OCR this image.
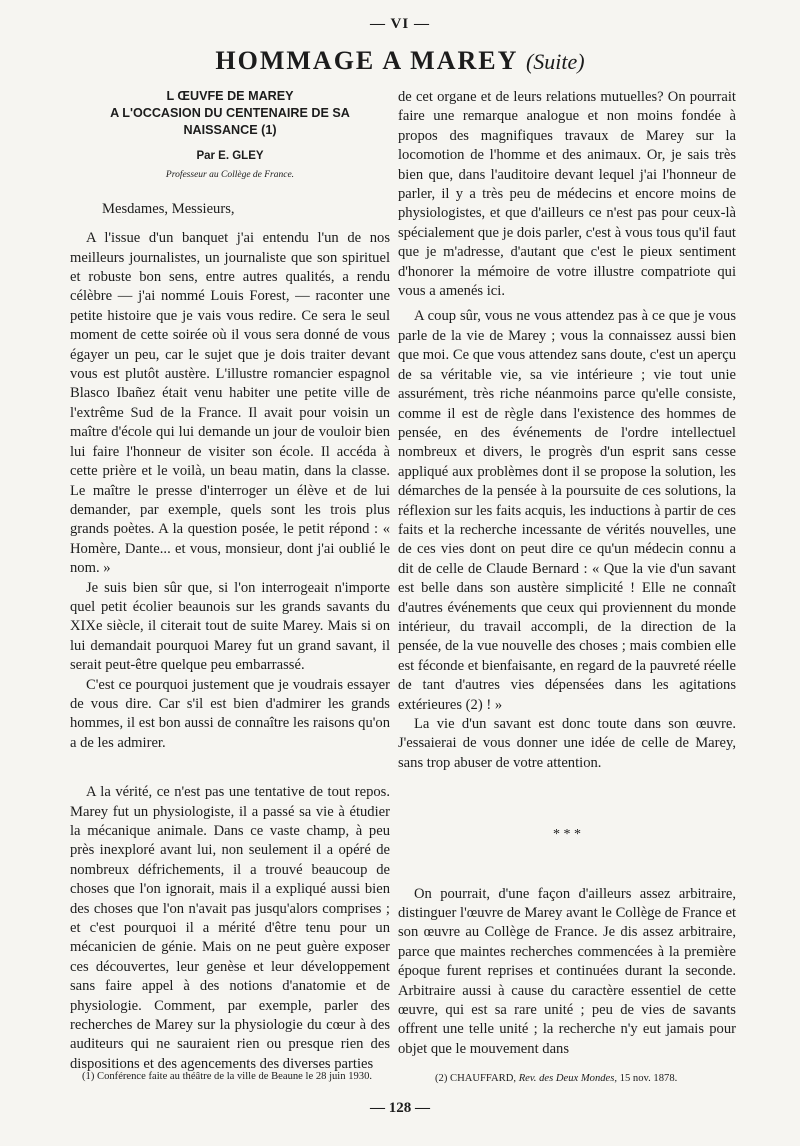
— VI —
HOMMAGE A MAREY (Suite)
L ŒUVFE DE MAREY
A L'OCCASION DU CENTENAIRE DE SA
NAISSANCE (1)
Par E. GLEY
Professeur au Collège de France.
Mesdames, Messieurs,

A l'issue d'un banquet j'ai entendu l'un de nos meilleurs journalistes, un journaliste que son spirituel et robuste bon sens, entre autres qualités, a rendu célèbre — j'ai nommé Louis Forest, — raconter une petite histoire que je vais vous redire. Ce sera le seul moment de cette soirée où il vous sera donné de vous égayer un peu, car le sujet que je dois traiter devant vous est plutôt austère. L'illustre romancier espagnol Blasco Ibañez était venu habiter une petite ville de l'extrême Sud de la France. Il avait pour voisin un maître d'école qui lui demande un jour de vouloir bien lui faire l'honneur de visiter son école. Il accéda à cette prière et le voilà, un beau matin, dans la classe. Le maître le presse d'interroger un élève et de lui demander, par exemple, quels sont les trois plus grands poètes. A la question posée, le petit répond : « Homère, Dante... et vous, monsieur, dont j'ai oublié le nom. »

Je suis bien sûr que, si l'on interrogeait n'importe quel petit écolier beaunois sur les grands savants du XIXe siècle, il citerait tout de suite Marey. Mais si on lui demandait pourquoi Marey fut un grand savant, il serait peut-être quelque peu embarrassé.

C'est ce pourquoi justement que je voudrais essayer de vous dire. Car s'il est bien d'admirer les grands hommes, il est bon aussi de connaître les raisons qu'on a de les admirer.

A la vérité, ce n'est pas une tentative de tout repos. Marey fut un physiologiste, il a passé sa vie à étudier la mécanique animale. Dans ce vaste champ, à peu près inexploré avant lui, non seulement il a opéré de nombreux défrichements, il a trouvé beaucoup de choses que l'on ignorait, mais il a expliqué aussi bien des choses que l'on n'avait pas jusqu'alors comprises ; et c'est pourquoi il a mérité d'être tenu pour un mécanicien de génie. Mais on ne peut guère exposer ces découvertes, leur genèse et leur développement sans faire appel à des notions d'anatomie et de physiologie. Comment, par exemple, parler des recherches de Marey sur la physiologie du cœur à des auditeurs qui ne sauraient rien ou presque rien des dispositions et des agencements des diverses parties

de cet organe et de leurs relations mutuelles? On pourrait faire une remarque analogue et non moins fondée à propos des magnifiques travaux de Marey sur la locomotion de l'homme et des animaux. Or, je sais très bien que, dans l'auditoire devant lequel j'ai l'honneur de parler, il y a très peu de médecins et encore moins de physiologistes, et que d'ailleurs ce n'est pas pour ceux-là spécialement que je dois parler, c'est à vous tous qu'il faut que je m'adresse, d'autant que c'est le pieux sentiment d'honorer la mémoire de votre illustre compatriote qui vous a amenés ici.

A coup sûr, vous ne vous attendez pas à ce que je vous parle de la vie de Marey ; vous la connaissez aussi bien que moi. Ce que vous attendez sans doute, c'est un aperçu de sa véritable vie, sa vie intérieure ; vie tout unie assurément, très riche néanmoins parce qu'elle consiste, comme il est de règle dans l'existence des hommes de pensée, en des événements de l'ordre intellectuel nombreux et divers, le progrès d'un esprit sans cesse appliqué aux problèmes dont il se propose la solution, les démarches de la pensée à la poursuite de ces solutions, la réflexion sur les faits acquis, les inductions à partir de ces faits et la recherche incessante de vérités nouvelles, une de ces vies dont on peut dire ce qu'un médecin connu a dit de celle de Claude Bernard : « Que la vie d'un savant est belle dans son austère simplicité ! Elle ne connaît d'autres événements que ceux qui proviennent du monde intérieur, du travail accompli, de la direction de la pensée, de la vue nouvelle des choses ; mais combien elle est féconde et bienfaisante, en regard de la pauvreté réelle de tant d'autres vies dépensées dans les agitations extérieures (2) ! »

La vie d'un savant est donc toute dans son œuvre. J'essaierai de vous donner une idée de celle de Marey, sans trop abuser de votre attention.

* * *

On pourrait, d'une façon d'ailleurs assez arbitraire, distinguer l'œuvre de Marey avant le Collège de France et son œuvre au Collège de France. Je dis assez arbitraire, parce que maintes recherches commencées à la première époque furent reprises et continuées durant la seconde. Arbitraire aussi à cause du caractère essentiel de cette œuvre, qui est sa rare unité ; peu de vies de savants offrent une telle unité ; la recherche n'y eut jamais pour objet que le mouvement dans

(1) Conférence faite au théâtre de la ville de Beaune le 28 juin 1930.	(2) CHAUFFARD, Rev. des Deux Mondes, 15 nov. 1878.
— 128 —
